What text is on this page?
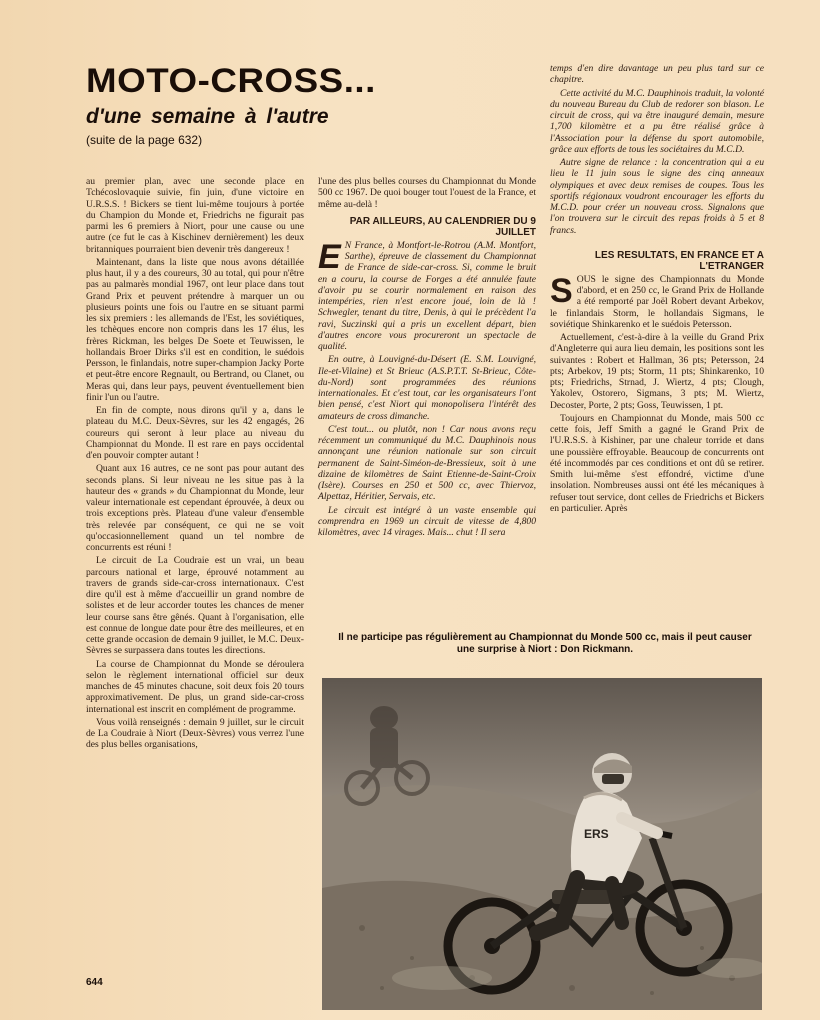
MOTO-CROSS...
d'une semaine à l'autre
(suite de la page 632)

au premier plan, avec une seconde place en Tchécoslovaquie suivie, fin juin, d'une victoire en U.R.S.S. ! Bickers se tient lui-même toujours à portée du Champion du Monde et, Friedrichs ne figurait pas parmi les 6 premiers à Niort, pour une cause ou une autre (ce fut le cas à Kischinev dernièrement) les deux britanniques pourraient bien devenir très dangereux !

Maintenant, dans la liste que nous avons détaillée plus haut, il y a des coureurs, 30 au total, qui pour n'être pas au palmarès mondial 1967, ont leur place dans tout Grand Prix et peuvent prétendre à marquer un ou plusieurs points une fois ou l'autre en se situant parmi les six premiers : les allemands de l'Est, les soviétiques, les tchèques encore non compris dans les 17 élus, les frères Rickman, les belges De Soete et Teuwissen, le hollandais Broer Dirks s'il est en condition, le suédois Persson, le finlandais, notre super-champion Jacky Porte et peut-être encore Regnault, ou Bertrand, ou Clanet, ou Meras qui, dans leur pays, peuvent éventuellement bien finir l'un ou l'autre.

En fin de compte, nous dirons qu'il y a, dans le plateau du M.C. Deux-Sèvres, sur les 42 engagés, 26 coureurs qui seront à leur place au niveau du Championnat du Monde. Il est rare en pays occidental d'en pouvoir compter autant !

Quant aux 16 autres, ce ne sont pas pour autant des seconds plans. Si leur niveau ne les situe pas à la hauteur des « grands » du Championnat du Monde, leur valeur internationale est cependant éprouvée, à deux ou trois exceptions près. Plateau d'une valeur d'ensemble très relevée par conséquent, ce qui ne se voit qu'occasionnellement quand un tel nombre de concurrents est réuni !

Le circuit de La Coudraie est un vrai, un beau parcours national et large, éprouvé notamment au travers de grands side-car-cross internationaux. C'est dire qu'il est à même d'accueillir un grand nombre de solistes et de leur accorder toutes les chances de mener leur course sans être gênés. Quant à l'organisation, elle est connue de longue date pour être des meilleures, et en cette grande occasion de demain 9 juillet, le M.C. Deux-Sèvres se surpassera dans toutes les directions.

La course de Championnat du Monde se déroulera selon le règlement international officiel sur deux manches de 45 minutes chacune, soit deux fois 20 tours approximativement. De plus, un grand side-car-cross international est inscrit en complément de programme.

Vous voilà renseignés : demain 9 juillet, sur le circuit de La Coudraie à Niort (Deux-Sèvres) vous verrez l'une des plus belles organisations,

l'une des plus belles courses du Championnat du Monde 500 cc 1967. De quoi bouger tout l'ouest de la France, et même au-delà !

PAR AILLEURS, AU CALENDRIER DU 9 JUILLET
E N France, à Montfort-le-Rotrou (A.M. Montfort, Sarthe), épreuve de classement du Championnat de France de side-car-cross. Si, comme le bruit en a couru, la course de Forges a été annulée faute d'avoir pu se courir normalement en raison des intempéries, rien n'est encore joué, loin de là ! Schwegler, tenant du titre, Denis, à qui le précèdent l'a ravi, Suczinski qui a pris un excellent départ, bien d'autres encore vous procureront un spectacle de qualité.

En outre, à Louvigné-du-Désert (E. S.M. Louvigné, Ile-et-Vilaine) et St Brieuc (A.S.P.T.T. St-Brieuc, Côte-du-Nord) sont programmées des réunions internationales. Et c'est tout, car les organisateurs l'ont bien pensé, c'est Niort qui monopolisera l'intérêt des amateurs de cross dimanche.

C'est tout... ou plutôt, non ! Car nous avons reçu récemment un communiqué du M.C. Dauphinois nous annonçant une réunion nationale sur son circuit permanent de Saint-Siméon-de-Bressieux, soit à une dizaine de kilomètres de Saint Etienne-de-Saint-Croix (Isère). Courses en 250 et 500 cc, avec Thiervoz, Alpettaz, Héritier, Servais, etc.

Le circuit est intégré à un vaste ensemble qui comprendra en 1969 un circuit de vitesse de 4,800 kilomètres, avec 14 virages. Mais... chut ! Il sera

temps d'en dire davantage un peu plus tard sur ce chapitre.

Cette activité du M.C. Dauphinois traduit, la volonté du nouveau Bureau du Club de redorer son blason. Le circuit de cross, qui va être inauguré demain, mesure 1,700 kilomètre et a pu être réalisé grâce à l'Association pour la défense du sport automobile, grâce aux efforts de tous les sociétaires du M.C.D.

Autre signe de relance : la concentration qui a eu lieu le 11 juin sous le signe des cinq anneaux olympiques et avec deux remises de coupes. Tous les sportifs régionaux voudront encourager les efforts du M.C.D. pour créer un nouveau cross. Signalons que l'on trouvera sur le circuit des repas froids à 5 et 8 francs.

LES RESULTATS, EN FRANCE ET A L'ETRANGER
S OUS le signe des Championnats du Monde d'abord, et en 250 cc, le Grand Prix de Hollande a été remporté par Joël Robert devant Arbekov, le finlandais Storm, le hollandais Sigmans, le soviétique Shinkarenko et le suédois Petersson.

Actuellement, c'est-à-dire à la veille du Grand Prix d'Angleterre qui aura lieu demain, les positions sont les suivantes : Robert et Hallman, 36 pts; Petersson, 24 pts; Arbekov, 19 pts; Storm, 11 pts; Shinkarenko, 10 pts; Friedrichs, Strnad, J. Wiertz, 4 pts; Clough, Yakolev, Ostorero, Sigmans, 3 pts; M. Wiertz, Decoster, Porte, 2 pts; Goss, Teuwissen, 1 pt.

Toujours en Championnat du Monde, mais 500 cc cette fois, Jeff Smith a gagné le Grand Prix de l'U.R.S.S. à Kishiner, par une chaleur torride et dans une poussière effroyable. Beaucoup de concurrents ont été incommodés par ces conditions et ont dû se retirer. Smith lui-même s'est effondré, victime d'une insolation. Nombreuses aussi ont été les mécaniques à refuser tout service, dont celles de Friedrichs et Bickers en particulier. Après

Il ne participe pas régulièrement au Championnat du Monde 500 cc, mais il peut causer une surprise à Niort : Don Rickmann.
ERS
644
